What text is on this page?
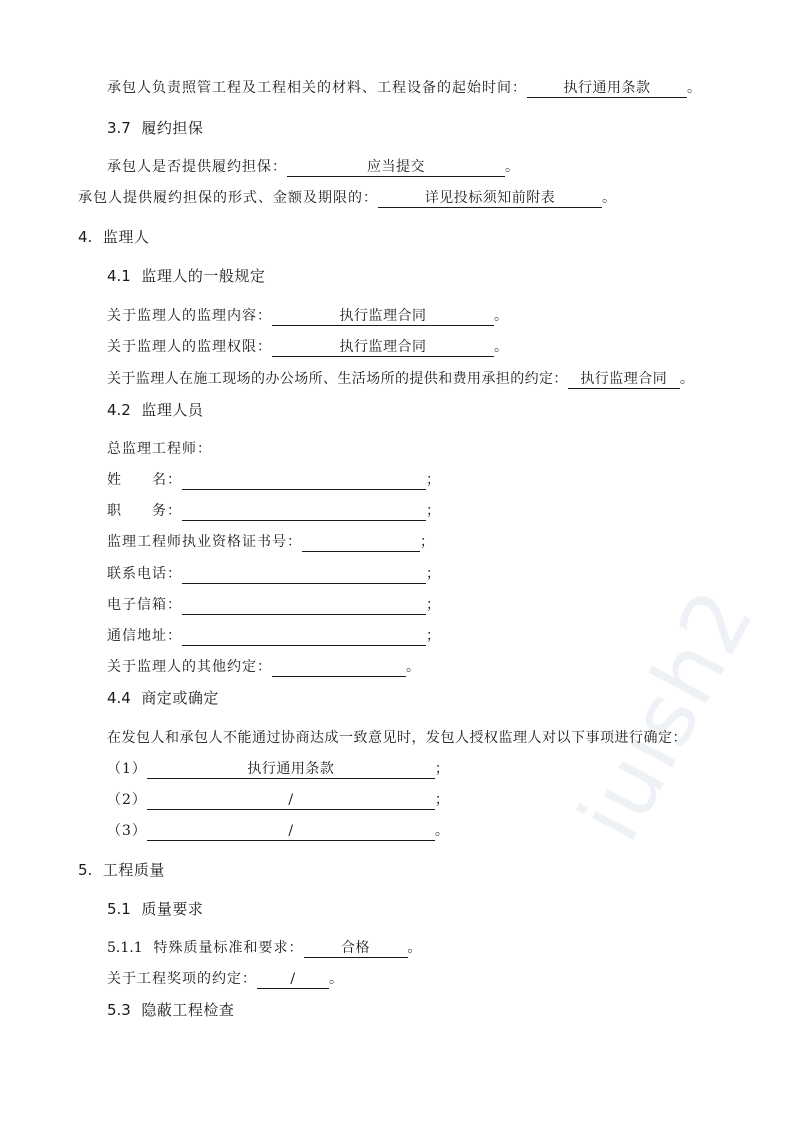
iuish2
承包人负责照管工程及工程相关的材料、工程设备的起始时间：	执行通用条款	。
3.7 履约担保
承包人是否提供履约担保：	应当提交	。
承包人提供履约担保的形式、金额及期限的：	详见投标须知前附表	。
4. 监理人
4.1 监理人的一般规定
关于监理人的监理内容：	执行监理合同	。
关于监理人的监理权限：	执行监理合同	。
关于监理人在施工现场的办公场所、生活场所的提供和费用承担的约定： 执行监理合同 。
4.2 监理人员
总监理工程师：
姓　　名：	；
职　　务：	；
监理工程师执业资格证书号：	；
联系电话：	；
电子信箱：	；
通信地址：	；
关于监理人的其他约定：	。
4.4 商定或确定
在发包人和承包人不能通过协商达成一致意见时，发包人授权监理人对以下事项进行确定：
（1）	执行通用条款	；
（2）	/	；
（3）	/	。
5. 工程质量
5.1 质量要求
5.1.1 特殊质量标准和要求：	合格	。
关于工程奖项的约定： / 。
5.3 隐蔽工程检查
